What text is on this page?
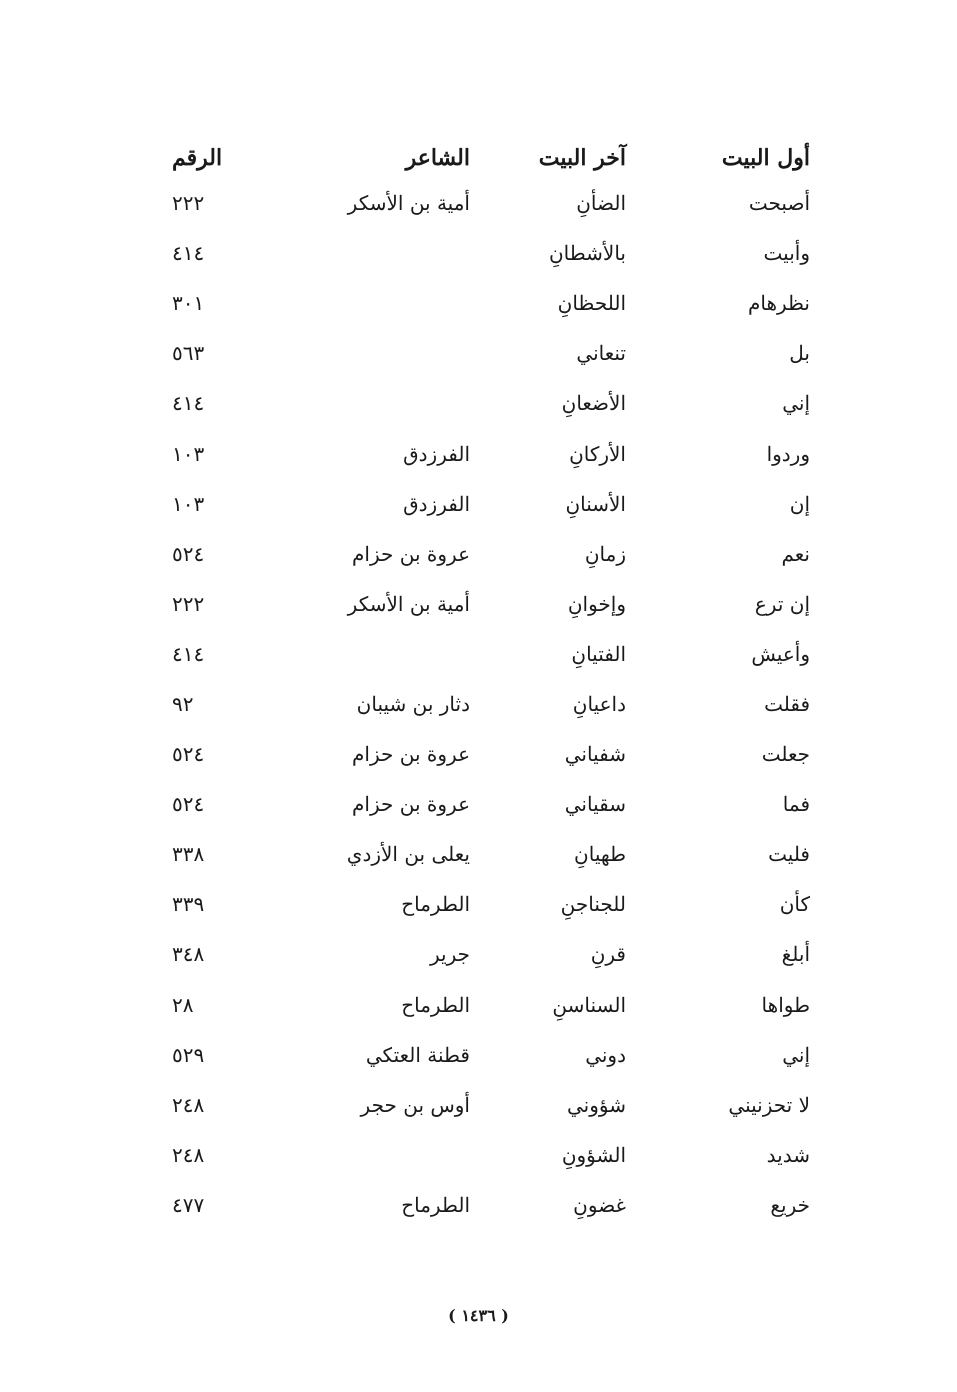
أول البيت
آخر البيت
الشاعر
الرقم
أصبحت
الضأنِ
أمية بن الأسكر
٢٢٢
وأبيت
بالأشطانِ
٤١٤
نظرهام
اللحظانِ
٣٠١
بل
تنعاني
٥٦٣
إني
الأضعانِ
٤١٤
وردوا
الأركانِ
الفرزدق
١٠٣
إن
الأسنانِ
الفرزدق
١٠٣
نعم
زمانِ
عروة بن حزام
٥٢٤
إن ترع
وإخوانِ
أمية بن الأسكر
٢٢٢
وأعيش
الفتيانِ
٤١٤
فقلت
داعيانِ
دثار بن شيبان
٩٢
جعلت
شفياني
عروة بن حزام
٥٢٤
فما
سقياني
عروة بن حزام
٥٢٤
فليت
طهيانِ
يعلى بن الأزدي
٣٣٨
كأن
للجناجنِ
الطرماح
٣٣٩
أبلغ
قرنِ
جرير
٣٤٨
طواها
السناسنِ
الطرماح
٢٨
إني
دوني
قطنة العتكي
٥٢٩
لا تحزنيني
شؤوني
أوس بن حجر
٢٤٨
شديد
الشؤونِ
٢٤٨
خريع
غضونِ
الطرماح
٤٧٧
( ١٤٣٦ )
